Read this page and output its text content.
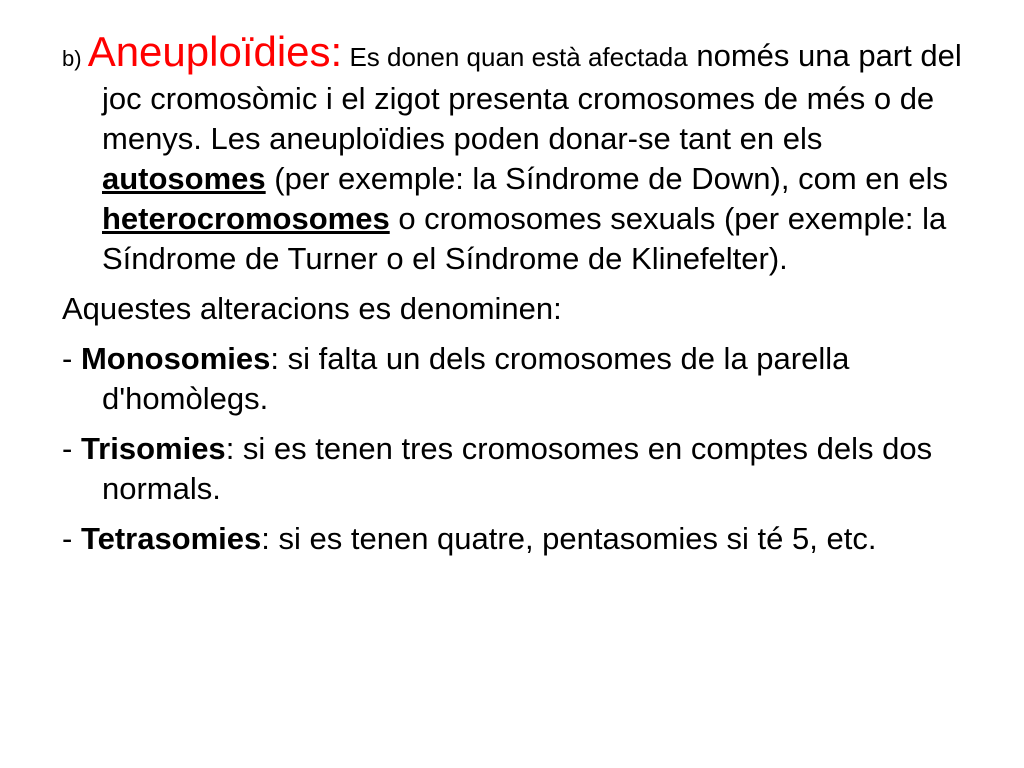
b) Aneuploïdies: Es donen quan està afectada només una part del joc cromosòmic i el zigot presenta cromosomes de més o de menys. Les aneuploïdies poden donar-se tant en els autosomes (per exemple: la Síndrome de Down), com en els heterocromosomes o cromosomes sexuals (per exemple: la Síndrome de Turner o el Síndrome de Klinefelter).

Aquestes alteracions es denominen:

- Monosomies: si falta un dels cromosomes de la parella d'homòlegs.

- Trisomies: si es tenen tres cromosomes en comptes dels dos normals.

- Tetrasomies: si es tenen quatre, pentasomies si té 5, etc.
